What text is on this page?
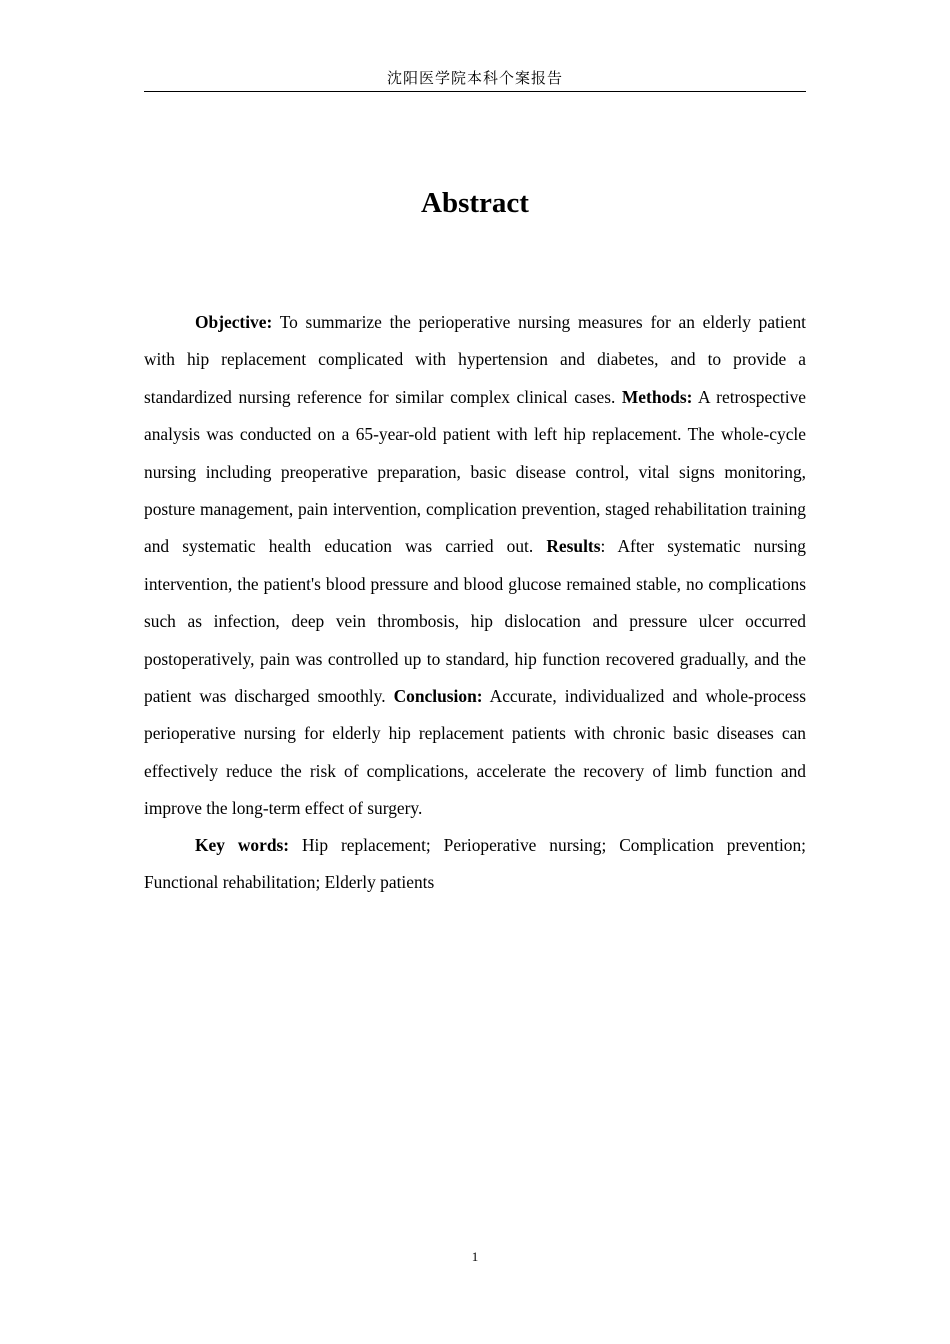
沈阳医学院本科个案报告
Abstract

Objective: To summarize the perioperative nursing measures for an elderly patient with hip replacement complicated with hypertension and diabetes, and to provide a standardized nursing reference for similar complex clinical cases. Methods: A retrospective analysis was conducted on a 65-year-old patient with left hip replacement. The whole-cycle nursing including preoperative preparation, basic disease control, vital signs monitoring, posture management, pain intervention, complication prevention, staged rehabilitation training and systematic health education was carried out. Results: After systematic nursing intervention, the patient's blood pressure and blood glucose remained stable, no complications such as infection, deep vein thrombosis, hip dislocation and pressure ulcer occurred postoperatively, pain was controlled up to standard, hip function recovered gradually, and the patient was discharged smoothly. Conclusion: Accurate, individualized and whole-process perioperative nursing for elderly hip replacement patients with chronic basic diseases can effectively reduce the risk of complications, accelerate the recovery of limb function and improve the long-term effect of surgery.

Key words: Hip replacement; Perioperative nursing; Complication prevention; Functional rehabilitation; Elderly patients

1
